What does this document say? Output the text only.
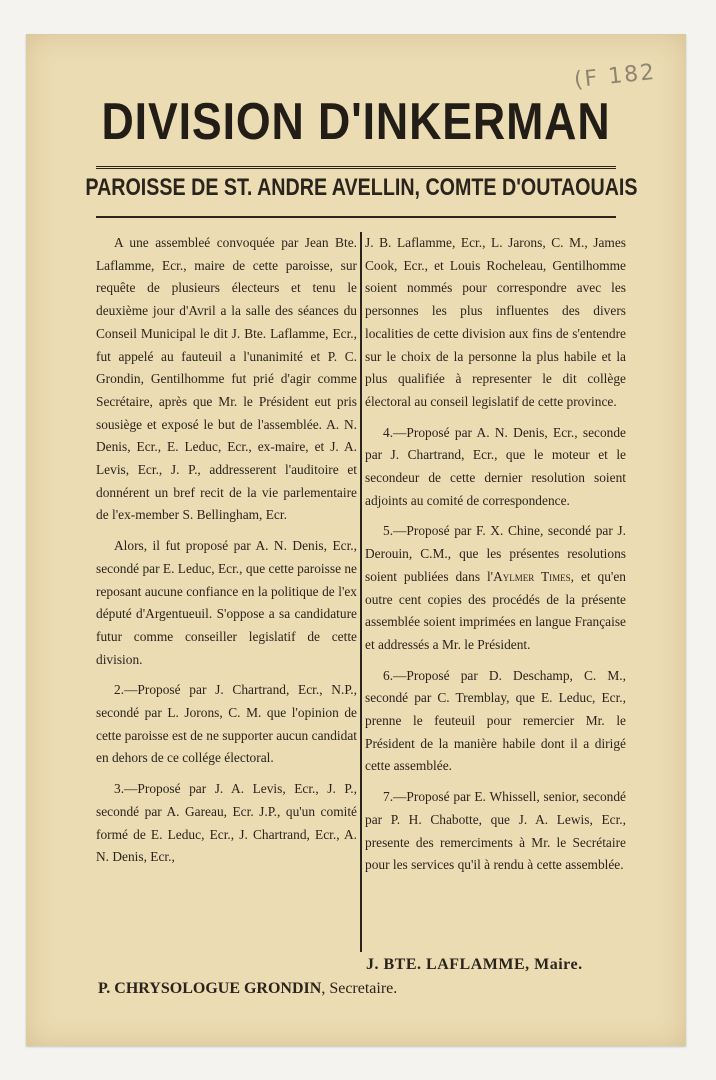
(F 182
DIVISION D'INKERMAN
PAROISSE DE ST. ANDRE AVELLIN, COMTE D'OUTAOUAIS

A une assembleé convoquée par Jean Bte. Laflamme, Ecr., maire de cette paroisse, sur requête de plusieurs électeurs et tenu le deuxième jour d'Avril a la salle des séances du Conseil Municipal le dit J. Bte. Laflamme, Ecr., fut appelé au fauteuil a l'unanimité et P. C. Grondin, Gentilhomme fut prié d'agir comme Secrétaire, après que Mr. le Président eut pris sousiège et exposé le but de l'assemblée. A. N. Denis, Ecr., E. Leduc, Ecr., ex-maire, et J. A. Levis, Ecr., J. P., addresserent l'auditoire et donnérent un bref recit de la vie parlementaire de l'ex-member S. Bellingham, Ecr.

Alors, il fut proposé par A. N. Denis, Ecr., secondé par E. Leduc, Ecr., que cette paroisse ne reposant aucune confiance en la politique de l'ex député d'Argentueuil. S'oppose a sa candidature futur comme conseiller legislatif de cette division.

2.—Proposé par J. Chartrand, Ecr., N.P., secondé par L. Jorons, C. M. que l'opinion de cette paroisse est de ne supporter aucun candidat en dehors de ce collége électoral.

3.—Proposé par J. A. Levis, Ecr., J. P., secondé par A. Gareau, Ecr. J.P., qu'un comité formé de E. Leduc, Ecr., J. Chartrand, Ecr., A. N. Denis, Ecr.,

J. B. Laflamme, Ecr., L. Jarons, C. M., James Cook, Ecr., et Louis Rocheleau, Gentilhomme soient nommés pour correspondre avec les personnes les plus influentes des divers localities de cette division aux fins de s'entendre sur le choix de la personne la plus habile et la plus qualifiée à representer le dit collège électoral au conseil legislatif de cette province.

4.—Proposé par A. N. Denis, Ecr., seconde par J. Chartrand, Ecr., que le moteur et le secondeur de cette dernier resolution soient adjoints au comité de correspondence.

5.—Proposé par F. X. Chine, secondé par J. Derouin, C.M., que les présentes resolutions soient publiées dans l'Aylmer Times, et qu'en outre cent copies des procédés de la présente assemblée soient imprimées en langue Française et addressés a Mr. le Président.

6.—Proposé par D. Deschamp, C. M., secondé par C. Tremblay, que E. Leduc, Ecr., prenne le feuteuil pour remercier Mr. le Président de la manière habile dont il a dirigé cette assemblée.

7.—Proposé par E. Whissell, senior, secondé par P. H. Chabotte, que J. A. Lewis, Ecr., presente des remerciments à Mr. le Secrétaire pour les services qu'il à rendu à cette assemblée.

J. BTE. LAFLAMME, Maire.
P. CHRYSOLOGUE GRONDIN, Secretaire.
